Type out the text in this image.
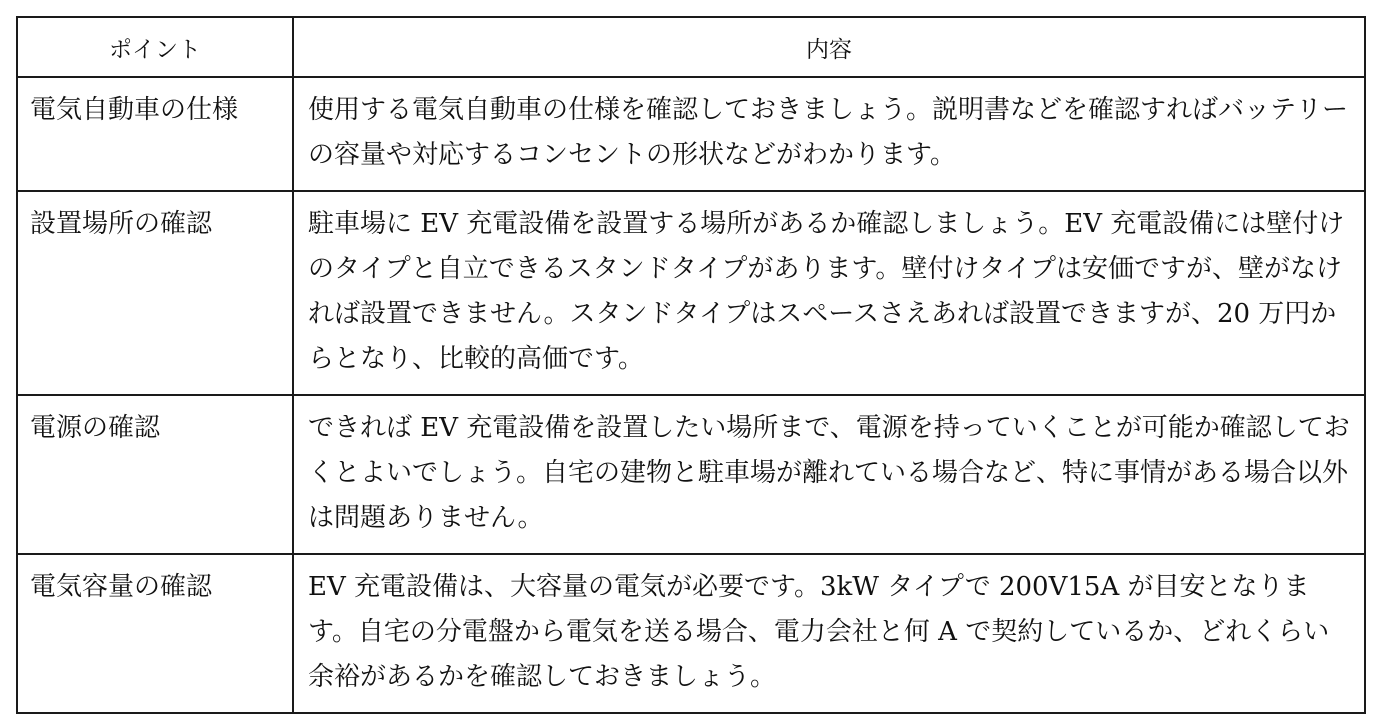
ポイント	内容
電気自動車の仕様	使用する電気自動車の仕様を確認しておきましょう。説明書などを確認すればバッテリーの容量や対応するコンセントの形状などがわかります。
設置場所の確認	駐車場に EV 充電設備を設置する場所があるか確認しましょう。EV 充電設備には壁付けのタイプと自立できるスタンドタイプがあります。壁付けタイプは安価ですが、壁がなければ設置できません。スタンドタイプはスペースさえあれば設置できますが、20 万円からとなり、比較的高価です。
電源の確認	できれば EV 充電設備を設置したい場所まで、電源を持っていくことが可能か確認しておくとよいでしょう。自宅の建物と駐車場が離れている場合など、特に事情がある場合以外は問題ありません。
電気容量の確認	EV 充電設備は、大容量の電気が必要です。3kW タイプで 200V15A が目安となります。自宅の分電盤から電気を送る場合、電力会社と何 A で契約しているか、どれくらい余裕があるかを確認しておきましょう。
